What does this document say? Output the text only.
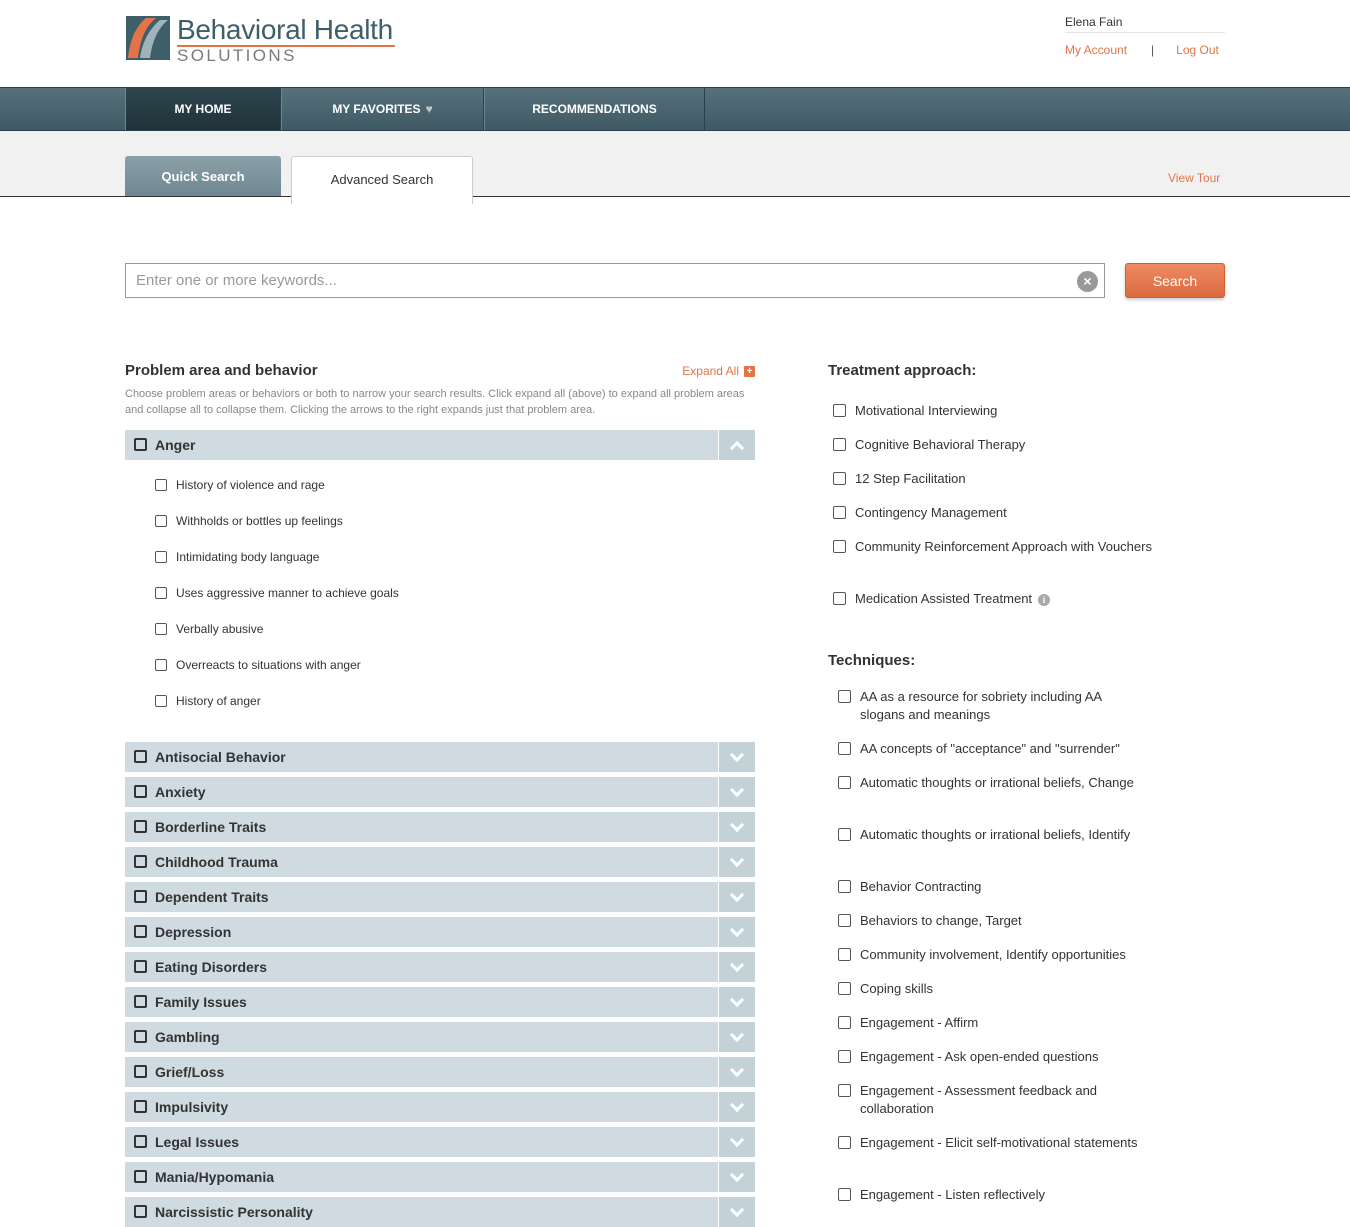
Behavioral Health
SOLUTIONS
Elena Fain
My Account | Log Out
MY HOME	MY FAVORITES ♥	RECOMMENDATIONS
Quick Search	Advanced Search	View Tour
Enter one or more keywords...
×	Search
Problem area and behavior	Expand All +
Choose problem areas or behaviors or both to narrow your search results. Click expand all (above) to expand all problem areas and collapse all to collapse them. Clicking the arrows to the right expands just that problem area.
Anger
History of violence and rage
Withholds or bottles up feelings
Intimidating body language
Uses aggressive manner to achieve goals
Verbally abusive
Overreacts to situations with anger
History of anger
Antisocial Behavior
Anxiety
Borderline Traits
Childhood Trauma
Dependent Traits
Depression
Eating Disorders
Family Issues
Gambling
Grief/Loss
Impulsivity
Legal Issues
Mania/Hypomania
Narcissistic Personality
Treatment approach:
Motivational Interviewing
Cognitive Behavioral Therapy
12 Step Facilitation
Contingency Management
Community Reinforcement Approach with Vouchers
Medication Assisted Treatment i
Techniques:
AA as a resource for sobriety including AA slogans and meanings
AA concepts of "acceptance" and "surrender"
Automatic thoughts or irrational beliefs, Change
Automatic thoughts or irrational beliefs, Identify
Behavior Contracting
Behaviors to change, Target
Community involvement, Identify opportunities
Coping skills
Engagement - Affirm
Engagement - Ask open-ended questions
Engagement - Assessment feedback and collaboration
Engagement - Elicit self-motivational statements
Engagement - Listen reflectively
